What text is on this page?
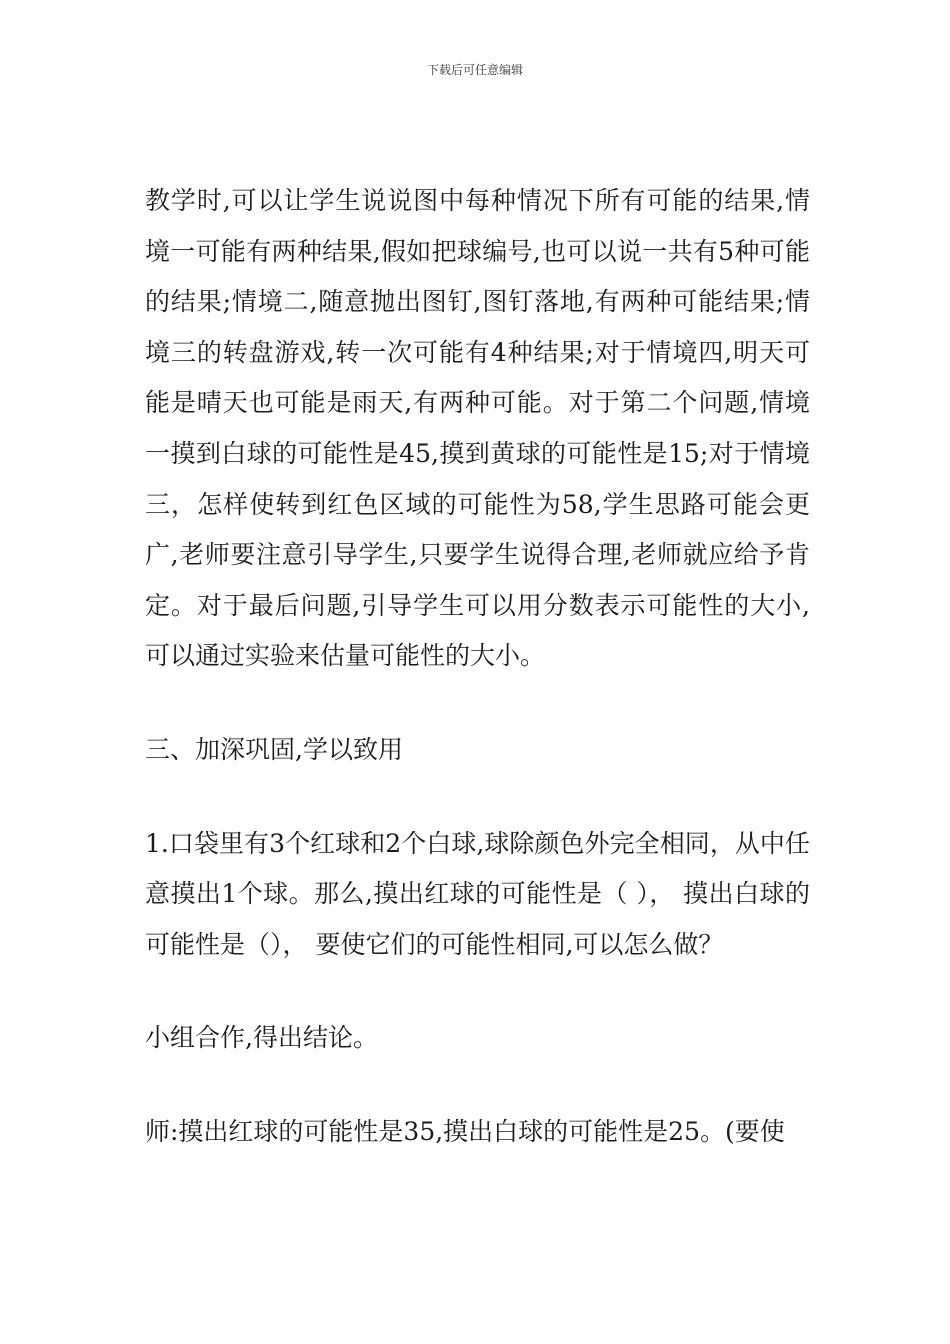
下载后可任意编辑

教学时,可以让学生说说图中每种情况下所有可能的结果,情境一可能有两种结果,假如把球编号,也可以说一共有5种可能的结果;情境二,随意抛出图钉,图钉落地,有两种可能结果;情境三的转盘游戏,转一次可能有4种结果;对于情境四,明天可能是晴天也可能是雨天,有两种可能。对于第二个问题,情境一摸到白球的可能性是45,摸到黄球的可能性是15;对于情境三，怎样使转到红色区域的可能性为58,学生思路可能会更广,老师要注意引导学生,只要学生说得合理,老师就应给予肯定。对于最后问题,引导学生可以用分数表示可能性的大小,可以通过实验来估量可能性的大小。

三、加深巩固,学以致用

1.口袋里有3个红球和2个白球,球除颜色外完全相同，从中任意摸出1个球。那么,摸出红球的可能性是（ ）， 摸出白球的可能性是（）， 要使它们的可能性相同,可以怎么做？

小组合作,得出结论。

师:摸出红球的可能性是35,摸出白球的可能性是25。(要使
